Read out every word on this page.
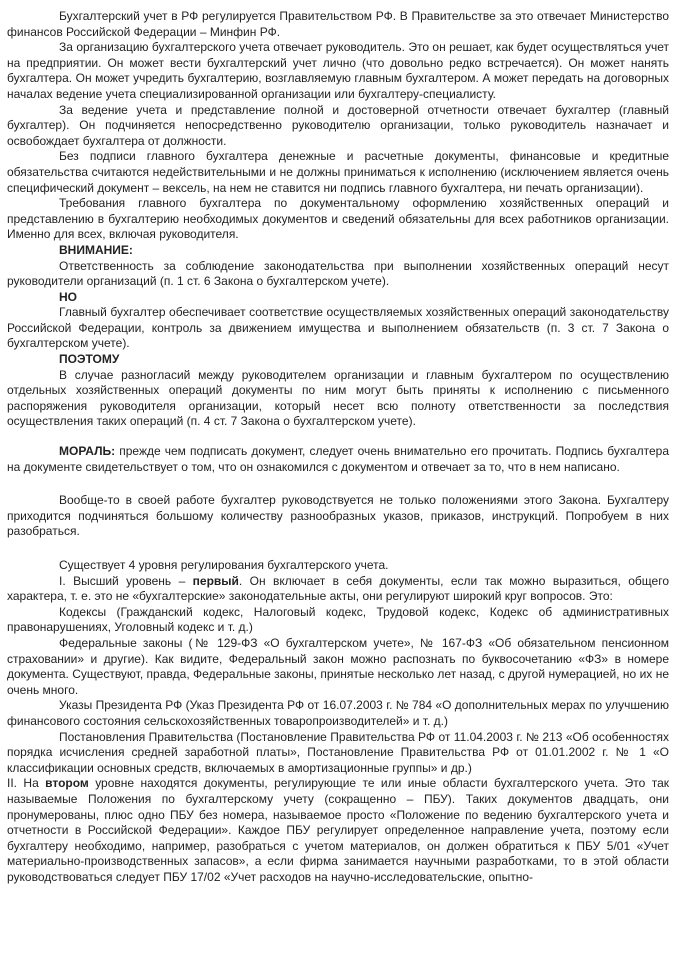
Бухгалтерский учет в РФ регулируется Правительством РФ. В Правительстве за это отвечает Министерство финансов Российской Федерации – Минфин РФ.

За организацию бухгалтерского учета отвечает руководитель. Это он решает, как будет осуществляться учет на предприятии. Он может вести бухгалтерский учет лично (что довольно редко встречается). Он может нанять бухгалтера. Он может учредить бухгалтерию, возглавляемую главным бухгалтером. А может передать на договорных началах ведение учета специализированной организации или бухгалтеру-специалисту.

За ведение учета и представление полной и достоверной отчетности отвечает бухгалтер (главный бухгалтер). Он подчиняется непосредственно руководителю организации, только руководитель назначает и освобождает бухгалтера от должности.

Без подписи главного бухгалтера денежные и расчетные документы, финансовые и кредитные обязательства считаются недействительными и не должны приниматься к исполнению (исключением является очень специфический документ – вексель, на нем не ставится ни подпись главного бухгалтера, ни печать организации).

Требования главного бухгалтера по документальному оформлению хозяйственных операций и представлению в бухгалтерию необходимых документов и сведений обязательны для всех работников организации. Именно для всех, включая руководителя.

ВНИМАНИЕ:

Ответственность за соблюдение законодательства при выполнении хозяйственных операций несут руководители организаций (п. 1 ст. 6 Закона о бухгалтерском учете).

НО

Главный бухгалтер обеспечивает соответствие осуществляемых хозяйственных операций законодательству Российской Федерации, контроль за движением имущества и выполнением обязательств (п. 3 ст. 7 Закона о бухгалтерском учете).

ПОЭТОМУ

В случае разногласий между руководителем организации и главным бухгалтером по осуществлению отдельных хозяйственных операций документы по ним могут быть приняты к исполнению с письменного распоряжения руководителя организации, который несет всю полноту ответственности за последствия осуществления таких операций (п. 4 ст. 7 Закона о бухгалтерском учете).

МОРАЛЬ: прежде чем подписать документ, следует очень внимательно его прочитать. Подпись бухгалтера на документе свидетельствует о том, что он ознакомился с документом и отвечает за то, что в нем написано.

Вообще-то в своей работе бухгалтер руководствуется не только положениями этого Закона. Бухгалтеру приходится подчиняться большому количеству разнообразных указов, приказов, инструкций. Попробуем в них разобраться.

Существует 4 уровня регулирования бухгалтерского учета.

I. Высший уровень – первый. Он включает в себя документы, если так можно выразиться, общего характера, т. е. это не «бухгалтерские» законодательные акты, они регулируют широкий круг вопросов. Это:

Кодексы (Гражданский кодекс, Налоговый кодекс, Трудовой кодекс, Кодекс об административных правонарушениях, Уголовный кодекс и т. д.)

Федеральные законы (№ 129-ФЗ «О бухгалтерском учете», № 167-ФЗ «Об обязательном пенсионном страховании» и другие). Как видите, Федеральный закон можно распознать по буквосочетанию «ФЗ» в номере документа. Существуют, правда, Федеральные законы, принятые несколько лет назад, с другой нумерацией, но их не очень много.

Указы Президента РФ (Указ Президента РФ от 16.07.2003 г. № 784 «О дополнительных мерах по улучшению финансового состояния сельскохозяйственных товаропроизводителей» и т. д.)

Постановления Правительства (Постановление Правительства РФ от 11.04.2003 г. № 213 «Об особенностях порядка исчисления средней заработной платы», Постановление Правительства РФ от 01.01.2002 г. № 1 «О классификации основных средств, включаемых в амортизационные группы» и др.)

II. На втором уровне находятся документы, регулирующие те или иные области бухгалтерского учета. Это так называемые Положения по бухгалтерскому учету (сокращенно – ПБУ). Таких документов двадцать, они пронумерованы, плюс одно ПБУ без номера, называемое просто «Положение по ведению бухгалтерского учета и отчетности в Российской Федерации». Каждое ПБУ регулирует определенное направление учета, поэтому если бухгалтеру необходимо, например, разобраться с учетом материалов, он должен обратиться к ПБУ 5/01 «Учет материально-производственных запасов», а если фирма занимается научными разработками, то в этой области руководствоваться следует ПБУ 17/02 «Учет расходов на научно-исследовательские, опытно-
